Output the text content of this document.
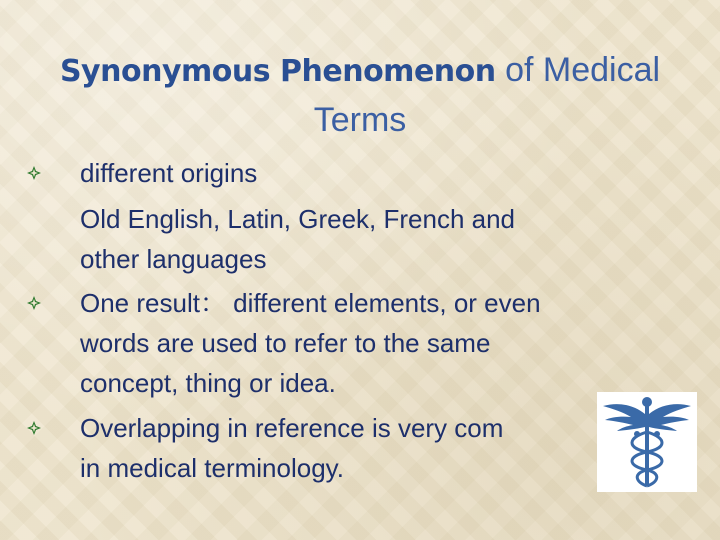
Synonymous Phenomenon of Medical
Terms
different origins
Old English, Latin, Greek, French and
other languages
One result： different elements, or even
words are used to refer to the same
concept, thing or idea.
Overlapping in reference is very com
in medical terminology.
